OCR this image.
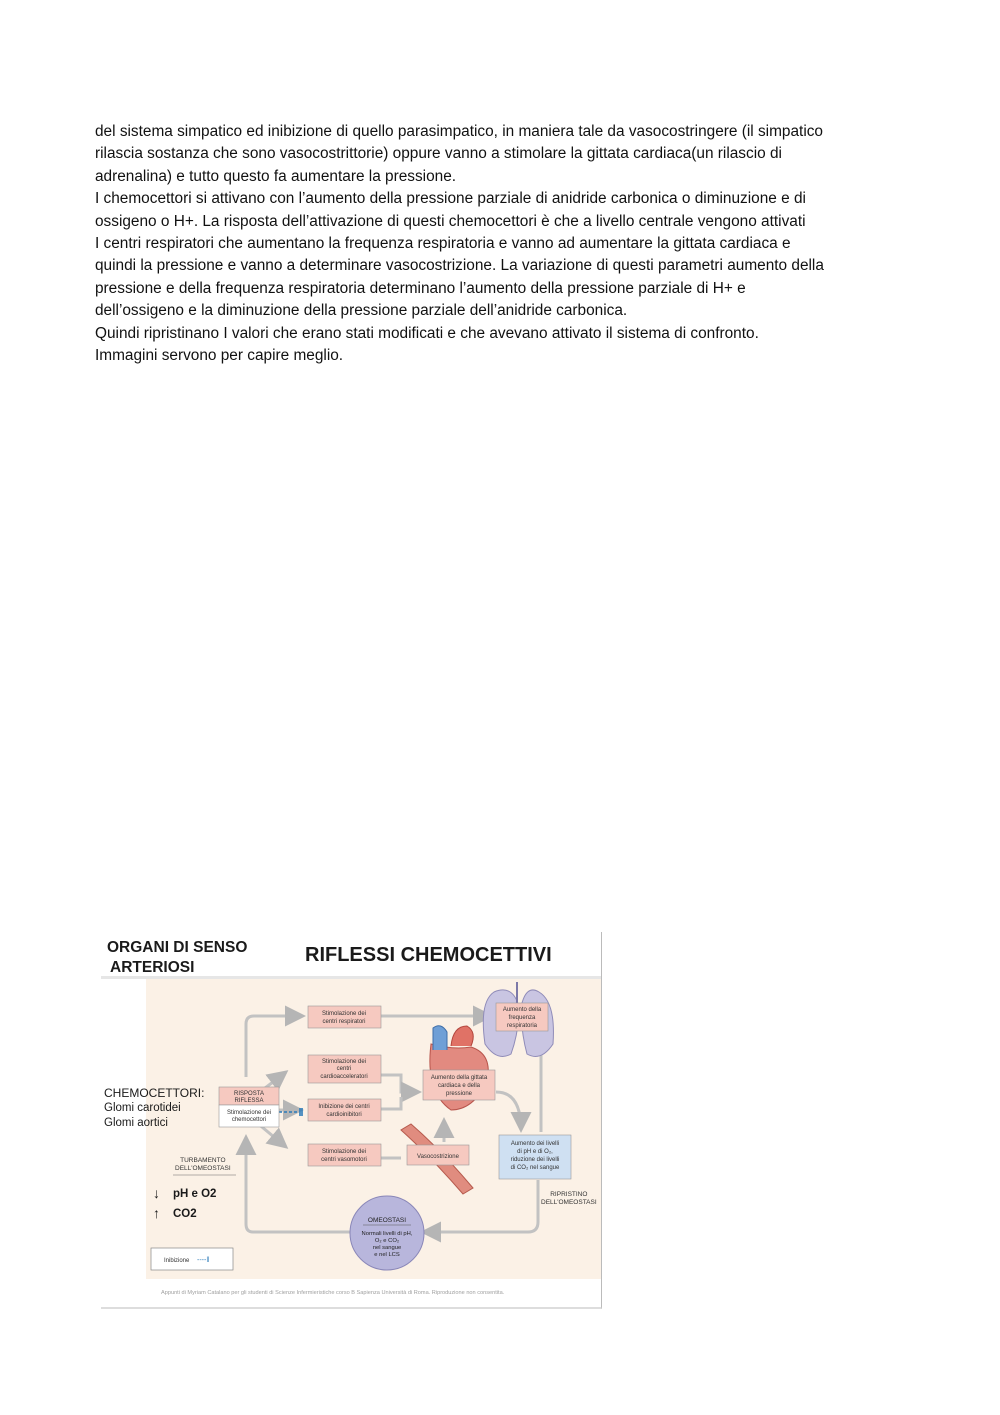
del sistema simpatico ed inibizione di quello parasimpatico, in maniera tale da vasocostringere (il simpatico
rilascia sostanza che sono vasocostrittorie) oppure vanno a stimolare la gittata cardiaca(un rilascio di
adrenalina) e tutto questo fa aumentare la pressione.
I chemocettori si attivano con l’aumento della pressione parziale di anidride carbonica o diminuzione e di
ossigeno o H+. La risposta dell’attivazione di questi chemocettori è che a livello centrale vengono attivati
I centri respiratori che aumentano la frequenza respiratoria e vanno ad aumentare la gittata cardiaca e
quindi la pressione e vanno a determinare vasocostrizione. La variazione di questi parametri aumento della
pressione e della frequenza respiratoria determinano l’aumento della pressione parziale di H+ e
dell’ossigeno e la diminuzione della pressione parziale dell’anidride carbonica.
Quindi ripristinano I valori che erano stati modificati e che avevano attivato il sistema di confronto.
Immagini servono per capire meglio.

RISPOSTA
RIFLESSA
Stimolazione dei
chemocettori
Stimolazione dei
centri respiratori
Stimolazione dei
centri
cardioacceleratori
Inibizione dei centri
cardioinibitori
Stimolazione dei
centri vasomotori	Vasocostrizione
Aumento della gittata
cardiaca e della
pressione
Aumento della
frequenza
respiratoria
Aumento dei livelli
di pH e di O₂,
riduzione dei livelli
di CO₂ nel sangue
OMEOSTASI
Normali livelli di pH,
O₂ e CO₂
nel sangue
e nel LCS
Inibizione ----‖
ORGANI DI SENSO
ARTERIOSI
RIFLESSI CHEMOCETTIVI
CHEMOCETTORI:
Glomi carotidei
Glomi aortici
TURBAMENTO
DELL'OMEOSTASI
↓ pH e O2
↑ CO2
RIPRISTINO
DELL'OMEOSTASI
Appunti di Myriam Catalano per gli studenti di Scienze Infermieristiche corso B Sapienza Università di Roma. Riproduzione non consentita.
